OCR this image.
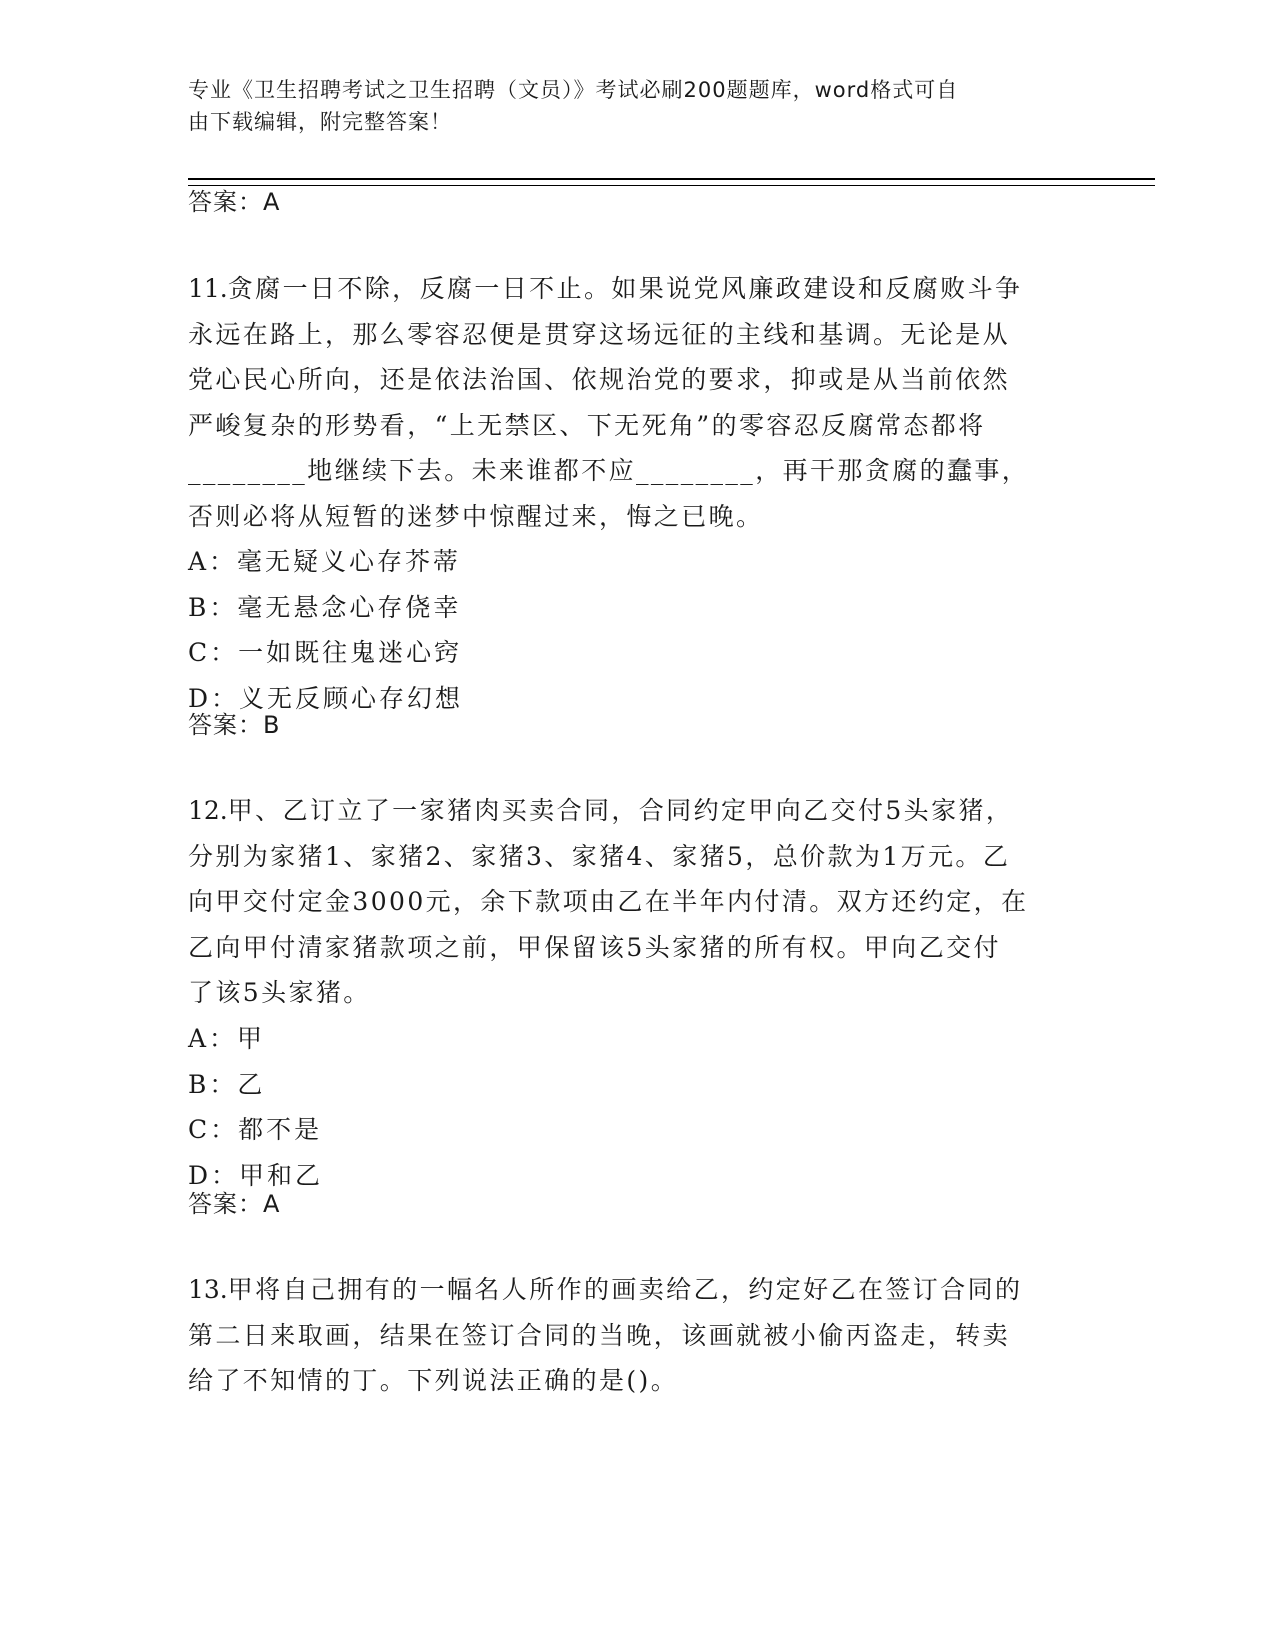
专业《卫生招聘考试之卫生招聘（文员）》考试必刷200题题库，word格式可自
由下载编辑，附完整答案！
答案：A
11.贪腐一日不除，反腐一日不止。如果说党风廉政建设和反腐败斗争
永远在路上，那么零容忍便是贯穿这场远征的主线和基调。无论是从
党心民心所向，还是依法治国、依规治党的要求，抑或是从当前依然
严峻复杂的形势看，“上无禁区、下无死角”的零容忍反腐常态都将
________地继续下去。未来谁都不应________，再干那贪腐的蠢事，
否则必将从短暂的迷梦中惊醒过来，悔之已晚。
A：毫无疑义心存芥蒂
B：毫无悬念心存侥幸
C：一如既往鬼迷心窍
D：义无反顾心存幻想
答案：B
12.甲、乙订立了一家猪肉买卖合同，合同约定甲向乙交付5头家猪，
分别为家猪1、家猪2、家猪3、家猪4、家猪5，总价款为1万元。乙
向甲交付定金3000元，余下款项由乙在半年内付清。双方还约定，在
乙向甲付清家猪款项之前，甲保留该5头家猪的所有权。甲向乙交付
了该5头家猪。
A：甲
B：乙
C：都不是
D：甲和乙
答案：A
13.甲将自己拥有的一幅名人所作的画卖给乙，约定好乙在签订合同的
第二日来取画，结果在签订合同的当晚，该画就被小偷丙盗走，转卖
给了不知情的丁。下列说法正确的是()。
